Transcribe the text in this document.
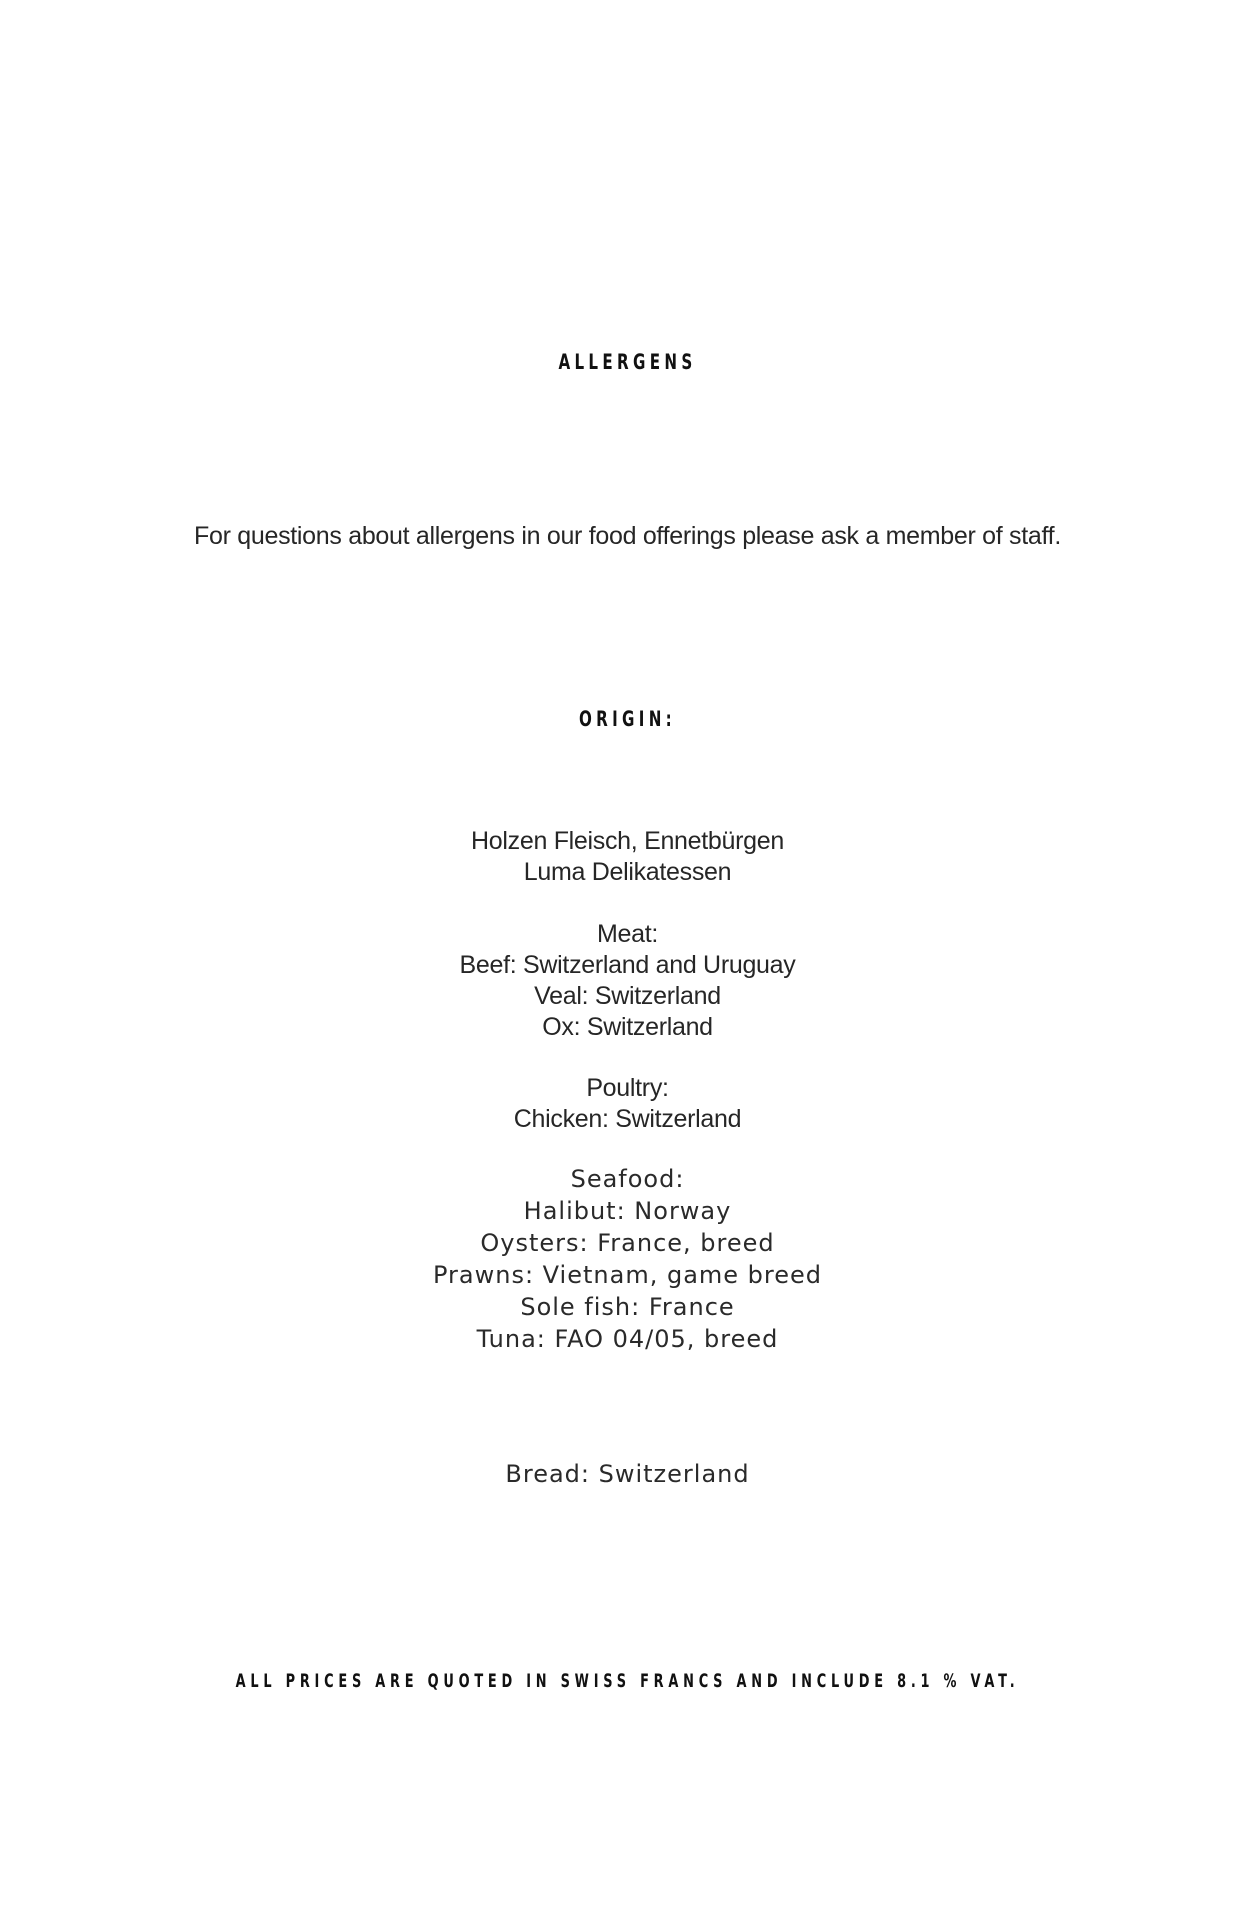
ALLERGENS

For questions about allergens in our food offerings please ask a member of staff.

ORIGIN:
Holzen Fleisch, Ennetbürgen
Luma Delikatessen
Meat:
Beef: Switzerland and Uruguay
Veal: Switzerland
Ox: Switzerland
Poultry:
Chicken: Switzerland
Seafood:
Halibut: Norway
Oysters: France, breed
Prawns: Vietnam, game breed
Sole fish: France
Tuna: FAO 04/05, breed

Bread: Switzerland

ALL PRICES ARE QUOTED IN SWISS FRANCS AND INCLUDE 8.1 % VAT.
